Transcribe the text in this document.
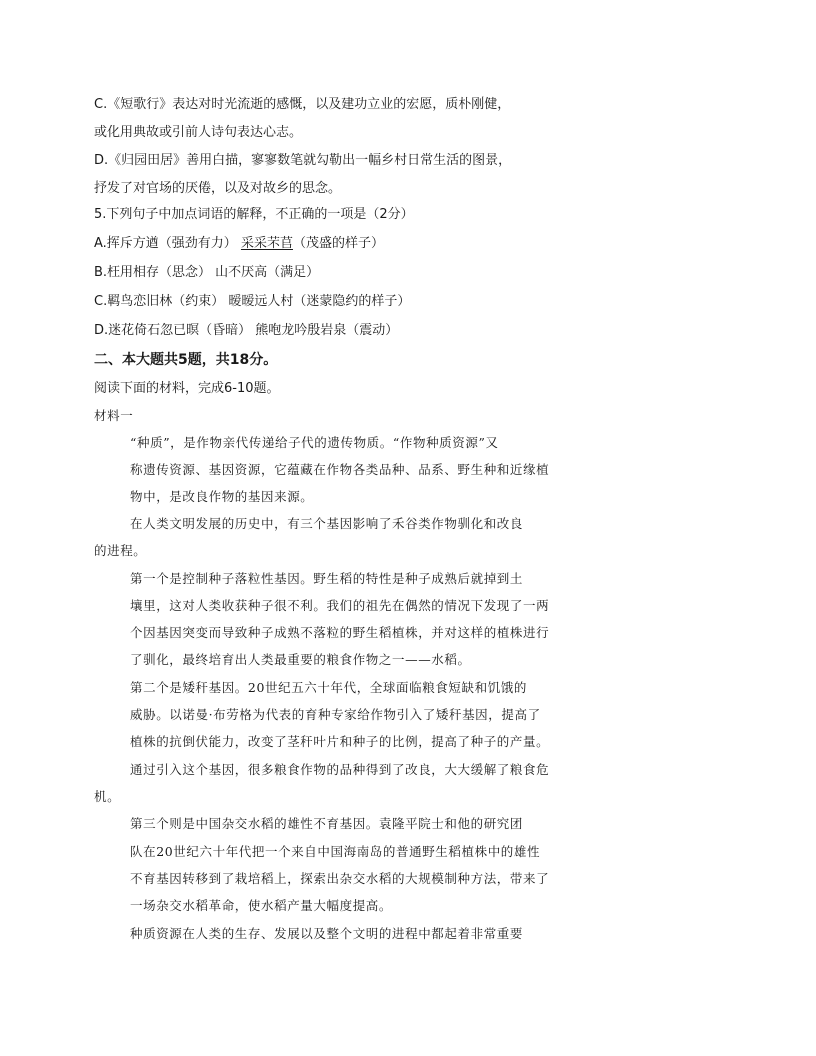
C.《短歌行》表达对时光流逝的感慨，以及建功立业的宏愿，质朴刚健，
或化用典故或引前人诗句表达心志。
D.《归园田居》善用白描，寥寥数笔就勾勒出一幅乡村日常生活的图景，
抒发了对官场的厌倦，以及对故乡的思念。
5.下列句子中加点词语的解释，不正确的一项是（2分）
A.挥斥方遒（强劲有力） 采采芣苢（茂盛的样子）
B.枉用相存（思念） 山不厌高（满足）
C.羁鸟恋旧林（约束） 暧暧远人村（迷蒙隐约的样子）
D.迷花倚石忽已暝（昏暗） 熊咆龙吟殷岩泉（震动）
二、本大题共5题，共18分。
阅读下面的材料，完成6-10题。
材料一
“种质”，是作物亲代传递给子代的遗传物质。“作物种质资源”又
称遗传资源、基因资源，它蕴藏在作物各类品种、品系、野生种和近缘植
物中，是改良作物的基因来源。
在人类文明发展的历史中，有三个基因影响了禾谷类作物驯化和改良
的进程。
第一个是控制种子落粒性基因。野生稻的特性是种子成熟后就掉到土
壤里，这对人类收获种子很不利。我们的祖先在偶然的情况下发现了一两
个因基因突变而导致种子成熟不落粒的野生稻植株，并对这样的植株进行
了驯化，最终培育出人类最重要的粮食作物之一——水稻。
第二个是矮秆基因。20世纪五六十年代，全球面临粮食短缺和饥饿的
威胁。以诺曼·布劳格为代表的育种专家给作物引入了矮秆基因，提高了
植株的抗倒伏能力，改变了茎秆叶片和种子的比例，提高了种子的产量。
通过引入这个基因，很多粮食作物的品种得到了改良，大大缓解了粮食危
机。
第三个则是中国杂交水稻的雄性不育基因。袁隆平院士和他的研究团
队在20世纪六十年代把一个来自中国海南岛的普通野生稻植株中的雄性
不育基因转移到了栽培稻上，探索出杂交水稻的大规模制种方法，带来了
一场杂交水稻革命，使水稻产量大幅度提高。
种质资源在人类的生存、发展以及整个文明的进程中都起着非常重要
